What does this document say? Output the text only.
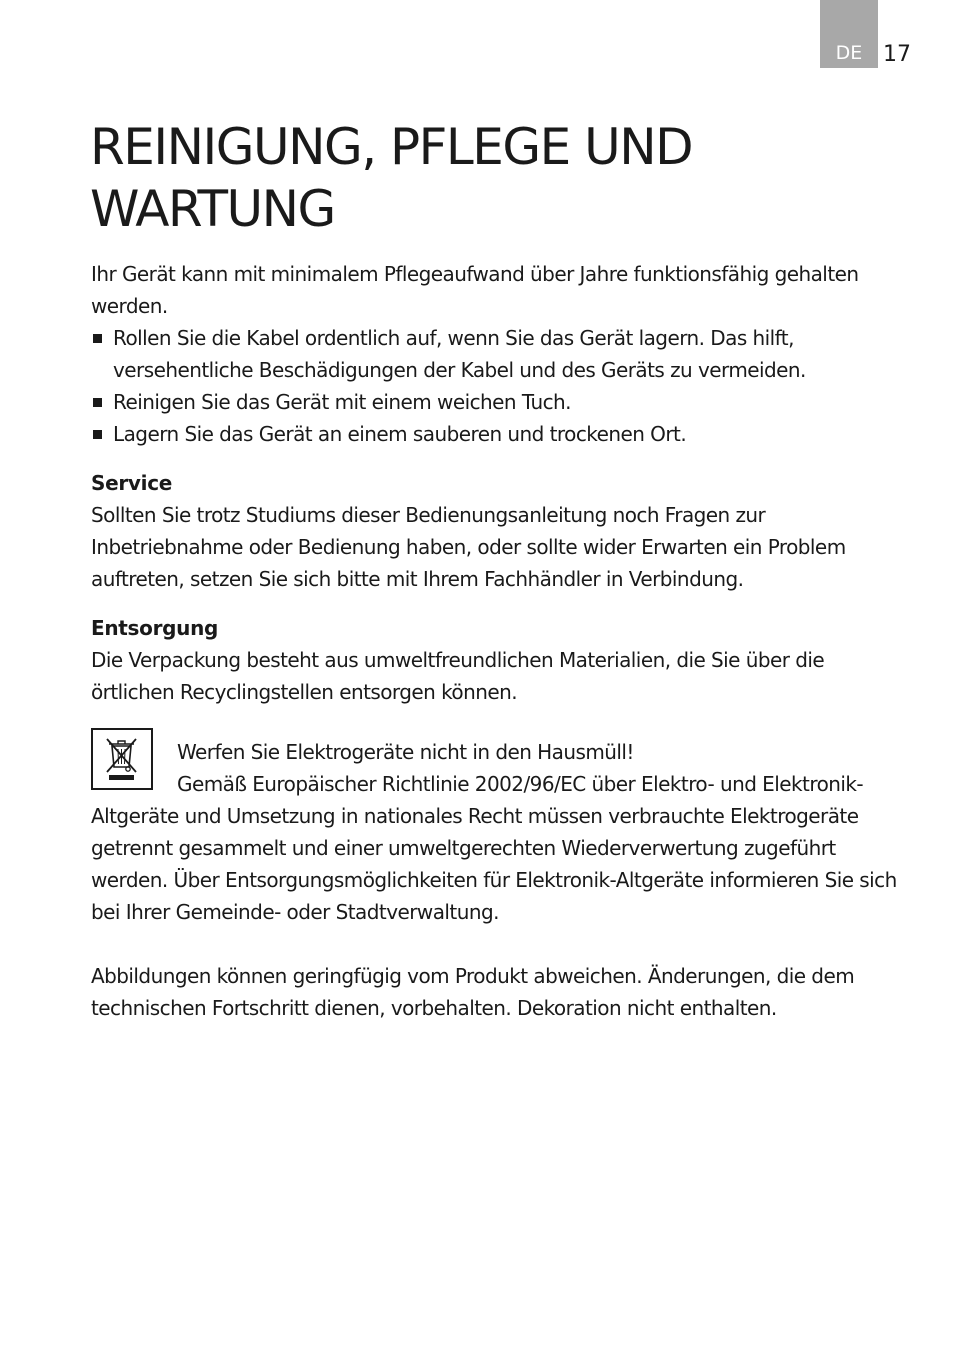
DE 17
REINIGUNG, PFLEGE UND
WARTUNG

Ihr Gerät kann mit minimalem Pflegeaufwand über Jahre funktionsfähig gehalten werden.

Rollen Sie die Kabel ordentlich auf, wenn Sie das Gerät lagern. Das hilft, versehentliche Beschädigungen der Kabel und des Geräts zu vermeiden.
Reinigen Sie das Gerät mit einem weichen Tuch.
Lagern Sie das Gerät an einem sauberen und trockenen Ort.
Service

Sollten Sie trotz Studiums dieser Bedienungsanleitung noch Fragen zur Inbetriebnahme oder Bedienung haben, oder sollte wider Erwarten ein Problem auftreten, setzen Sie sich bitte mit Ihrem Fachhändler in Verbindung.

Entsorgung

Die Verpackung besteht aus umweltfreundlichen Materialien, die Sie über die örtlichen Recyclingstellen entsorgen können.

Werfen Sie Elektrogeräte nicht in den Hausmüll!
Gemäß Europäischer Richtlinie 2002/96/EC über Elektro- und Elektronik-Altgeräte und Umsetzung in nationales Recht müssen verbrauchte Elektrogeräte getrennt gesammelt und einer umweltgerechten Wiederverwertung zugeführt werden. Über Entsorgungsmöglichkeiten für Elektronik-Altgeräte informieren Sie sich bei Ihrer Gemeinde- oder Stadtverwaltung.

Abbildungen können geringfügig vom Produkt abweichen. Änderungen, die dem technischen Fortschritt dienen, vorbehalten. Dekoration nicht enthalten.
